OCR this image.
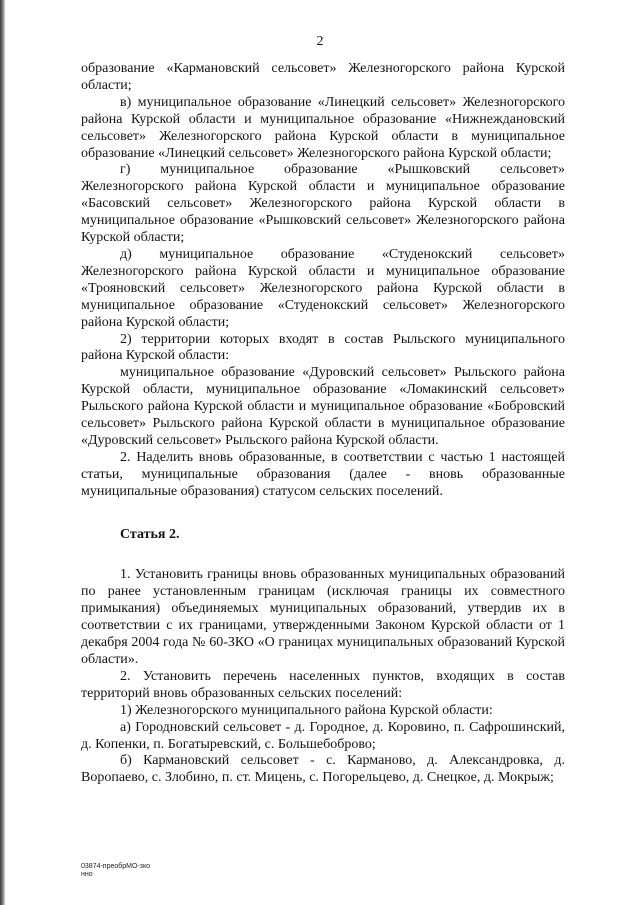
2

образование «Кармановский сельсовет» Железногорского района Курской области;

в) муниципальное образование «Линецкий сельсовет» Железногорского района Курской области и муниципальное образование «Нижнеждановский сельсовет» Железногорского района Курской области в муниципальное образование «Линецкий сельсовет» Железногорского района Курской области;

г) муниципальное образование «Рышковский сельсовет» Железногорского района Курской области и муниципальное образование «Басовский сельсовет» Железногорского района Курской области в муниципальное образование «Рышковский сельсовет» Железногорского района Курской области;

д) муниципальное образование «Студенокский сельсовет» Железногорского района Курской области и муниципальное образование «Трояновский сельсовет» Железногорского района Курской области в муниципальное образование «Студенокский сельсовет» Железногорского района Курской области;

2) территории которых входят в состав Рыльского муниципального района Курской области:

муниципальное образование «Дуровский сельсовет» Рыльского района Курской области, муниципальное образование «Ломакинский сельсовет» Рыльского района Курской области и муниципальное образование «Бобровский сельсовет» Рыльского района Курской области в муниципальное образование «Дуровский сельсовет» Рыльского района Курской области.

2. Наделить вновь образованные, в соответствии с частью 1 настоящей статьи, муниципальные образования (далее - вновь образованные муниципальные образования) статусом сельских поселений.

Статья 2.

1. Установить границы вновь образованных муниципальных образований по ранее установленным границам (исключая границы их совместного примыкания) объединяемых муниципальных образований, утвердив их в соответствии с их границами, утвержденными Законом Курской области от 1 декабря 2004 года № 60-ЗКО «О границах муниципальных образований Курской области».

2. Установить перечень населенных пунктов, входящих в состав территорий вновь образованных сельских поселений:

1) Железногорского муниципального района Курской области:

а) Городновский сельсовет - д. Городное, д. Коровино, п. Сафрошинский, д. Копенки, п. Богатыревский, с. Большебоброво;

б) Кармановский сельсовет - с. Карманово, д. Александровка, д. Воропаево, с. Злобино, п. ст. Мицень, с. Погорельцево, д. Снецкое, д. Мокрыж;

03874-преобрМО-зко
нно
